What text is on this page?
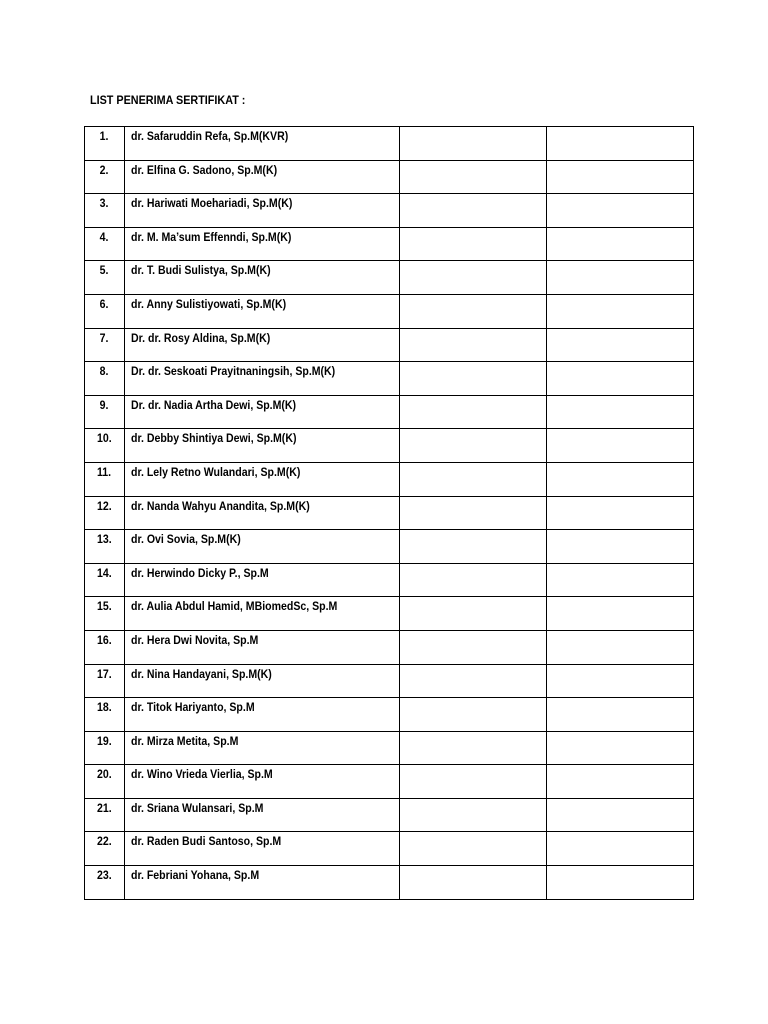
LIST PENERIMA SERTIFIKAT :
1.	dr. Safaruddin Refa, Sp.M(KVR)		
2.	dr. Elfina G. Sadono, Sp.M(K)		
3.	dr. Hariwati Moehariadi, Sp.M(K)		
4.	dr. M. Ma’sum Effenndi, Sp.M(K)		
5.	dr. T. Budi Sulistya, Sp.M(K)		
6.	dr. Anny Sulistiyowati, Sp.M(K)		
7.	Dr. dr. Rosy Aldina, Sp.M(K)		
8.	Dr. dr. Seskoati Prayitnaningsih, Sp.M(K)		
9.	Dr. dr. Nadia Artha Dewi, Sp.M(K)		
10.	dr. Debby Shintiya Dewi, Sp.M(K)		
11.	dr. Lely Retno Wulandari, Sp.M(K)		
12.	dr. Nanda Wahyu Anandita, Sp.M(K)		
13.	dr. Ovi Sovia, Sp.M(K)		
14.	dr. Herwindo Dicky P., Sp.M		
15.	dr. Aulia Abdul Hamid, MBiomedSc, Sp.M		
16.	dr. Hera Dwi Novita, Sp.M		
17.	dr. Nina Handayani, Sp.M(K)		
18.	dr. Titok Hariyanto, Sp.M		
19.	dr. Mirza Metita, Sp.M		
20.	dr. Wino Vrieda Vierlia, Sp.M		
21.	dr. Sriana Wulansari, Sp.M		
22.	dr. Raden Budi Santoso, Sp.M		
23.	dr. Febriani Yohana, Sp.M		
